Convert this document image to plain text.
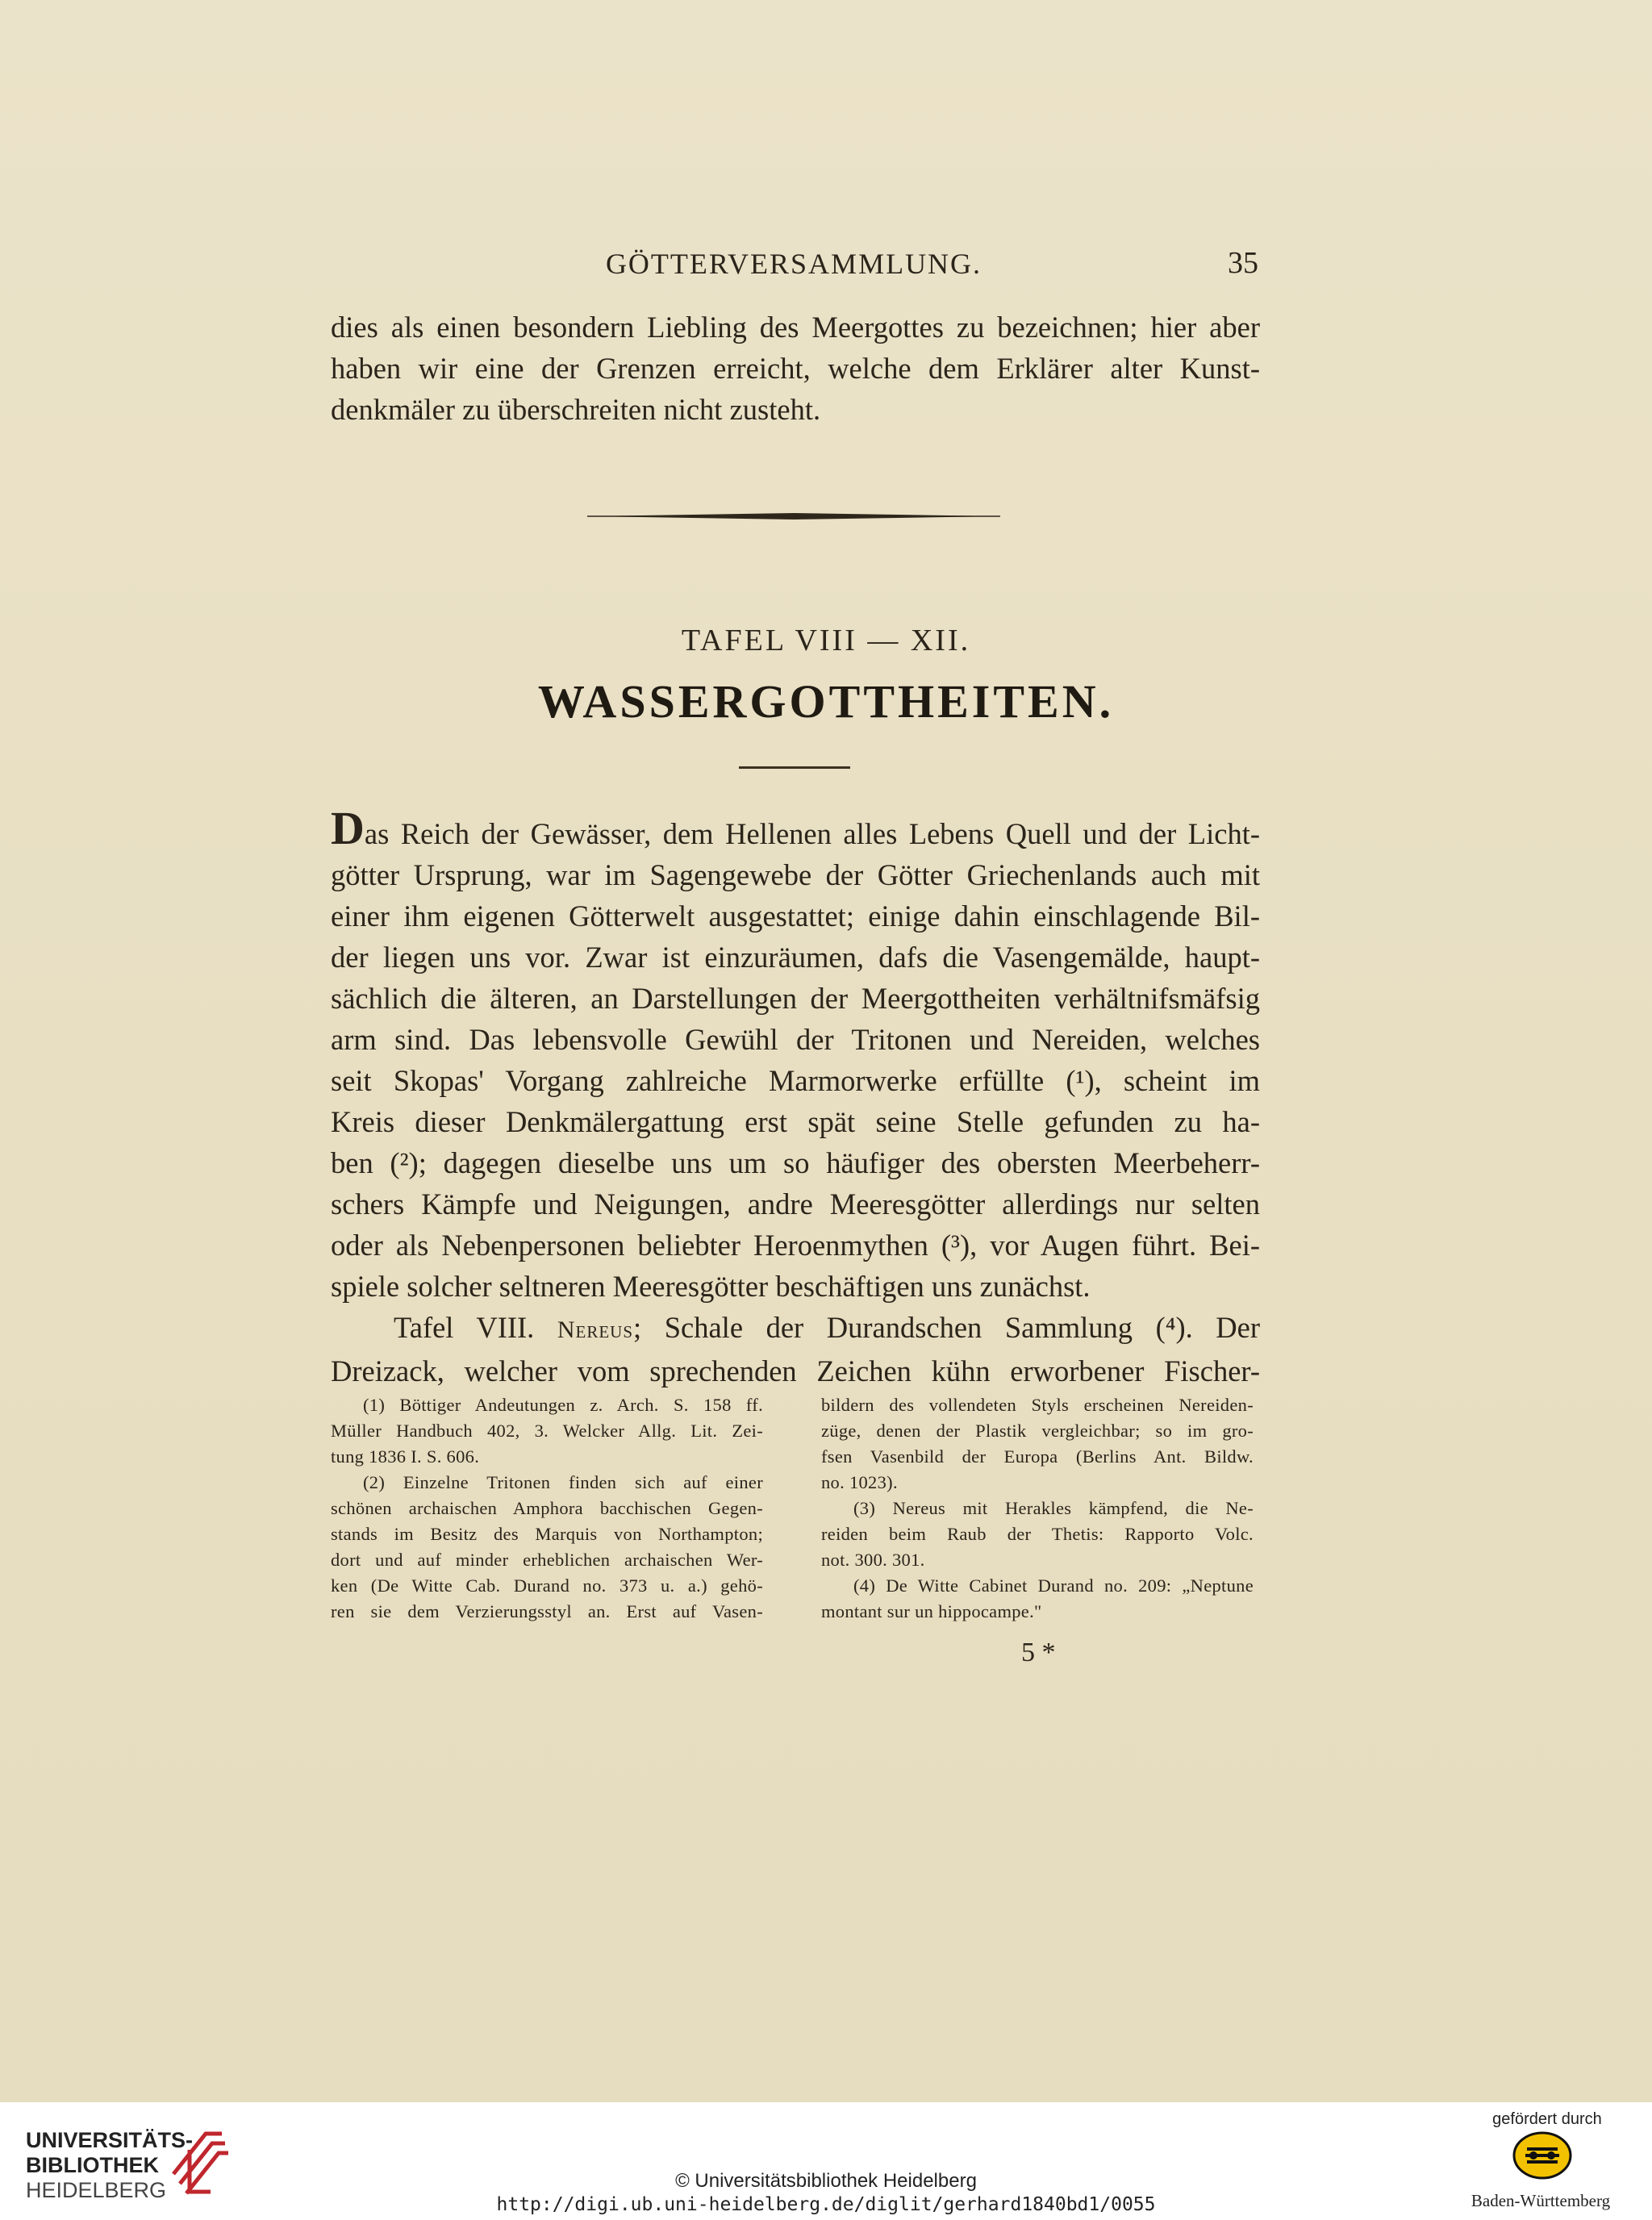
GÖTTERVERSAMMLUNG.	35
dies als einen besondern Liebling des Meergottes zu bezeichnen; hier aber
haben wir eine der Grenzen erreicht, welche dem Erklärer alter Kunst-
denkmäler zu überschreiten nicht zusteht.
TAFEL VIII — XII.
WASSERGOTTHEITEN.
Das Reich der Gewässer, dem Hellenen alles Lebens Quell und der Licht-
götter Ursprung, war im Sagengewebe der Götter Griechenlands auch mit
einer ihm eigenen Götterwelt ausgestattet; einige dahin einschlagende Bil-
der liegen uns vor. Zwar ist einzuräumen, dafs die Vasengemälde, haupt-
sächlich die älteren, an Darstellungen der Meergottheiten verhältnifsmäfsig
arm sind. Das lebensvolle Gewühl der Tritonen und Nereiden, welches
seit Skopas' Vorgang zahlreiche Marmorwerke erfüllte (¹), scheint im
Kreis dieser Denkmälergattung erst spät seine Stelle gefunden zu ha-
ben (²); dagegen dieselbe uns um so häufiger des obersten Meerbeherr-
schers Kämpfe und Neigungen, andre Meeresgötter allerdings nur selten
oder als Nebenpersonen beliebter Heroenmythen (³), vor Augen führt. Bei-
spiele solcher seltneren Meeresgötter beschäftigen uns zunächst.
Tafel VIII. Nereus; Schale der Durandschen Sammlung (⁴). Der
Dreizack, welcher vom sprechenden Zeichen kühn erworbener Fischer-
(1) Böttiger Andeutungen z. Arch. S. 158 ff.
Müller Handbuch 402, 3. Welcker Allg. Lit. Zei-
tung 1836 I. S. 606.
(2) Einzelne Tritonen finden sich auf einer
schönen archaischen Amphora bacchischen Gegen-
stands im Besitz des Marquis von Northampton;
dort und auf minder erheblichen archaischen Wer-
ken (De Witte Cab. Durand no. 373 u. a.) gehö-
ren sie dem Verzierungsstyl an. Erst auf Vasen-
bildern des vollendeten Styls erscheinen Nereiden-
züge, denen der Plastik vergleichbar; so im gro-
fsen Vasenbild der Europa (Berlins Ant. Bildw.
no. 1023).
(3) Nereus mit Herakles kämpfend, die Ne-
reiden beim Raub der Thetis: Rapporto Volc.
not. 300. 301.
(4) De Witte Cabinet Durand no. 209: „Neptune
montant sur un hippocampe."
5 *
UNIVERSITÄTS-
BIBLIOTHEK
HEIDELBERG	© Universitätsbibliothek Heidelberg
http://digi.ub.uni-heidelberg.de/diglit/gerhard1840bd1/0055
gefördert durch
Baden-Württemberg
